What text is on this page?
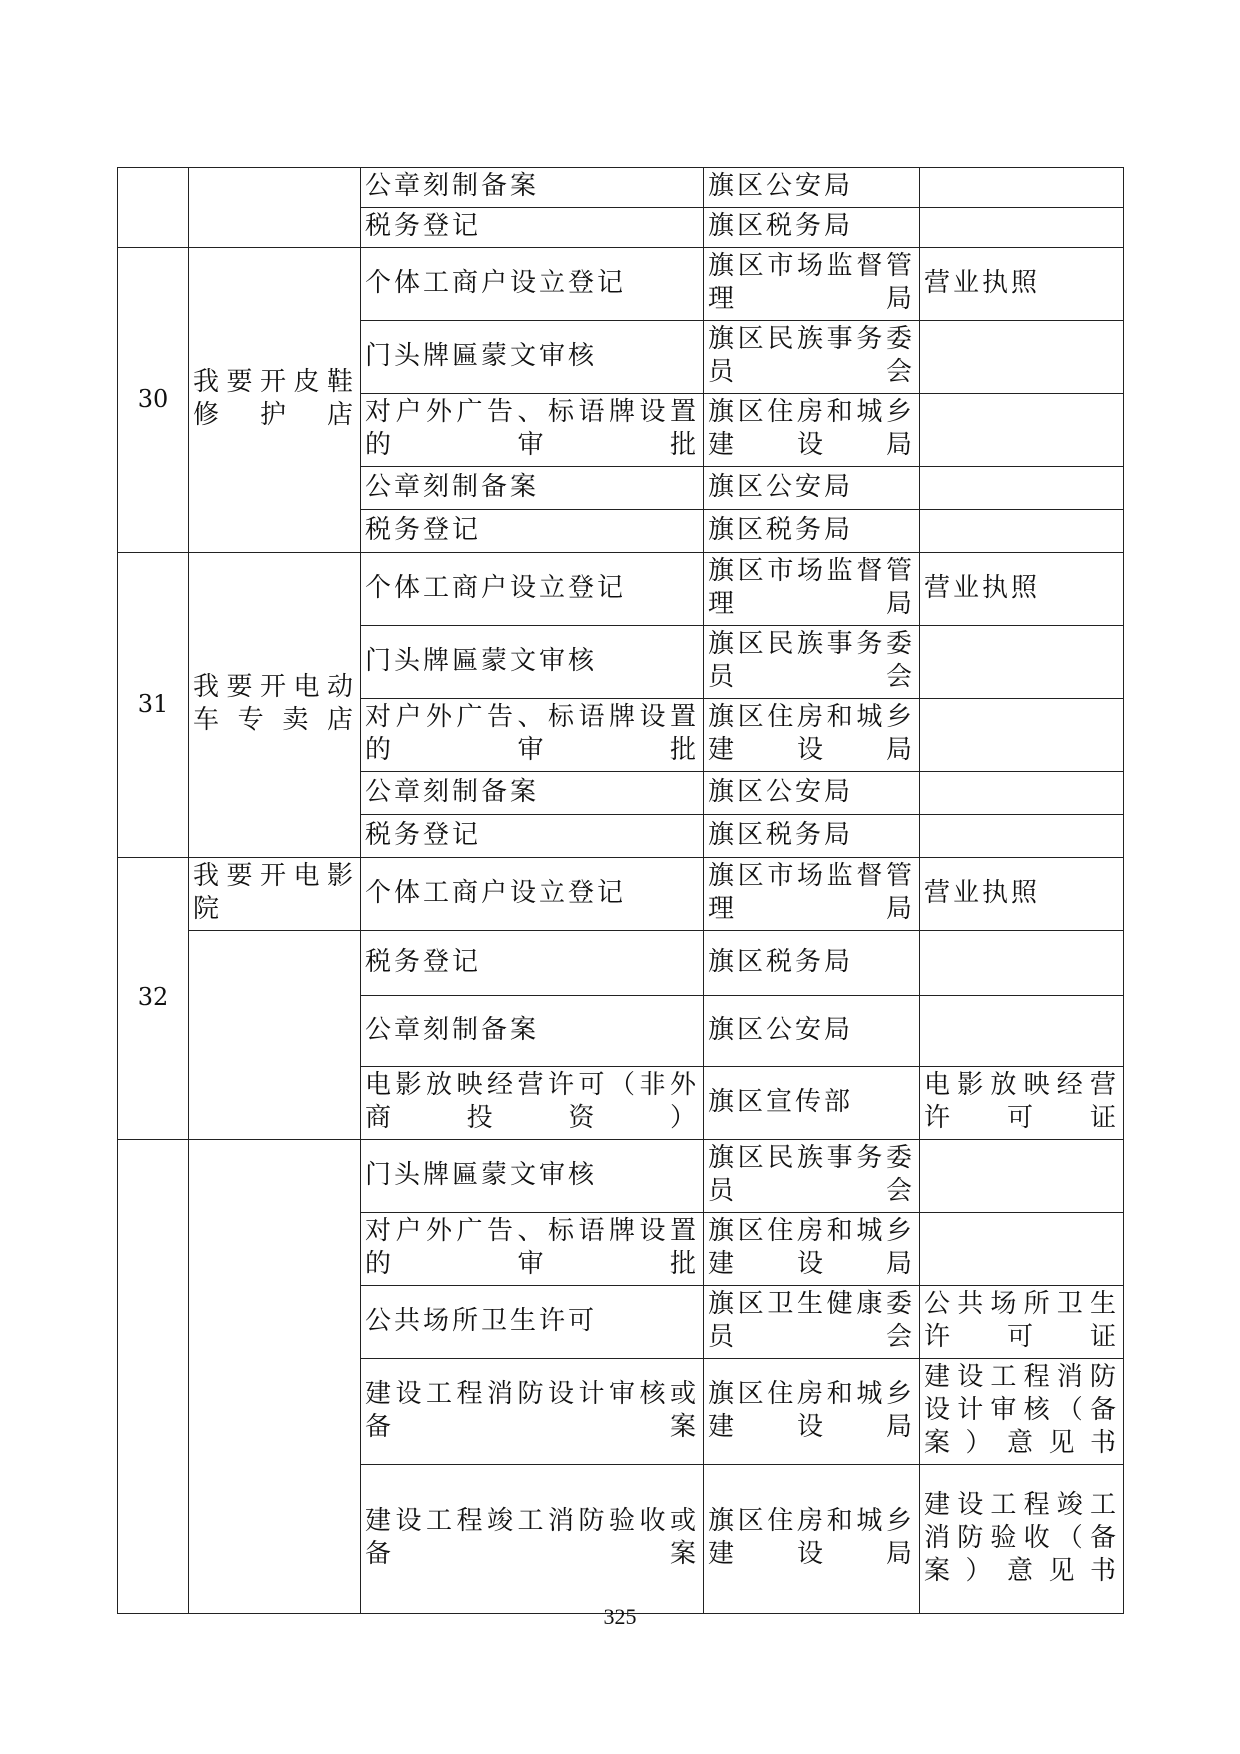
		公章刻制备案	旗区公安局	
		税务登记	旗区税务局	
30	我要开皮鞋修护店	个体工商户设立登记	旗区市场监督管理局	营业执照
		门头牌匾蒙文审核	旗区民族事务委员会	
		对户外广告、标语牌设置的审批	旗区住房和城乡建设局	
		公章刻制备案	旗区公安局	
		税务登记	旗区税务局	
31	我要开电动车专卖店	个体工商户设立登记	旗区市场监督管理局	营业执照
		门头牌匾蒙文审核	旗区民族事务委员会	
		对户外广告、标语牌设置的审批	旗区住房和城乡建设局	
		公章刻制备案	旗区公安局	
		税务登记	旗区税务局	
32	我要开电影院	个体工商户设立登记	旗区市场监督管理局	营业执照
		税务登记	旗区税务局	
		公章刻制备案	旗区公安局	
		电影放映经营许可（非外商投资）	旗区宣传部	电影放映经营许可证
		门头牌匾蒙文审核	旗区民族事务委员会	
		对户外广告、标语牌设置的审批	旗区住房和城乡建设局	
		公共场所卫生许可	旗区卫生健康委员会	公共场所卫生许可证
		建设工程消防设计审核或备案	旗区住房和城乡建设局	建设工程消防设计审核（备案）意见书
		建设工程竣工消防验收或备案	旗区住房和城乡建设局	建设工程竣工消防验收（备案）意见书
325
